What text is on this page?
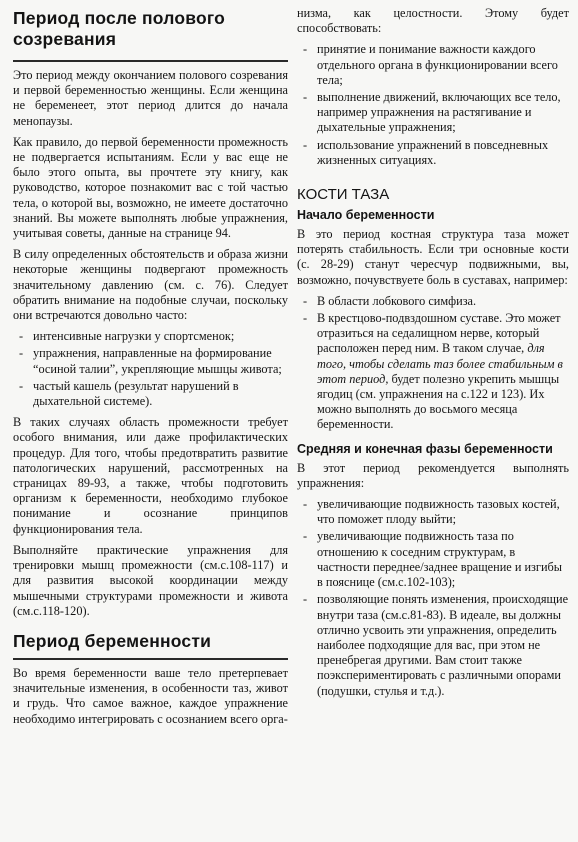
Период после полового созревания

Это период между окончанием полового созревания и первой беременностью женщины. Если женщина не беременеет, этот период длится до начала менопаузы.

Как правило, до первой беременности промежность не подвергается испытаниям. Если у вас еще не было этого опыта, вы прочтете эту книгу, как руководство, которое познакомит вас с той частью тела, о которой вы, возможно, не имеете достаточно знаний. Вы можете выполнять любые упражнения, учитывая советы, данные на странице 94.

В силу определенных обстоятельств и образа жизни некоторые женщины подвергают промежность значительному давлению (см. с. 76). Следует обратить внимание на подобные случаи, поскольку они встречаются довольно часто:

- интенсивные нагрузки у спортсменок;
- упражнения, направленные на формирование “осиной талии”, укрепляющие мышцы живота;
- частый кашель (результат нарушений в дыхательной системе).

В таких случаях область промежности требует особого внимания, или даже профилактических процедур. Для того, чтобы предотвратить развитие патологических нарушений, рассмотренных на страницах 89-93, а также, чтобы подготовить организм к беременности, необходимо глубокое понимание и осознание принципов функционирования тела.

Выполняйте практические упражнения для тренировки мышц промежности (см.с.108-117) и для развития высокой координации между мышечными структурами промежности и живота (см.с.118-120).

Период беременности

Во время беременности ваше тело претерпевает значительные изменения, в особенности таз, живот и грудь. Что самое важное, каждое упражнение необходимо интегрировать с осознанием всего орга-

низма, как целостности. Этому будет способствовать:

- принятие и понимание важности каждого отдельного органа в функционировании всего тела;
- выполнение движений, включающих все тело, например упражнения на растягивание и дыхательные упражнения;
- использование упражнений в повседневных жизненных ситуациях.
КОСТИ ТАЗА
Начало беременности

В это период костная структура таза может потерять стабильность. Если три основные кости (с. 28-29) станут чересчур подвижными, вы, возможно, почувствуете боль в суставах, например:

- В области лобкового симфиза.
- В крестцово-подвздошном суставе. Это может отразиться на седалищном нерве, который расположен перед ним. В таком случае, для того, чтобы сделать таз более стабильным в этот период, будет полезно укрепить мышцы ягодиц (см. упражнения на с.122 и 123). Их можно выполнять до восьмого месяца беременности.
Средняя и конечная фазы беременности

В этот период рекомендуется выполнять упражнения:

- увеличивающие подвижность тазовых костей, что поможет плоду выйти;
- увеличивающие подвижность таза по отношению к соседним структурам, в частности переднее/заднее вращение и изгибы в пояснице (см.с.102-103);
- позволяющие понять изменения, происходящие внутри таза (см.с.81-83). В идеале, вы должны отлично усвоить эти упражнения, определить наиболее подходящие для вас, при этом не пренебрегая другими. Вам стоит также поэкспериментировать с различными опорами (подушки, стулья и т.д.).
